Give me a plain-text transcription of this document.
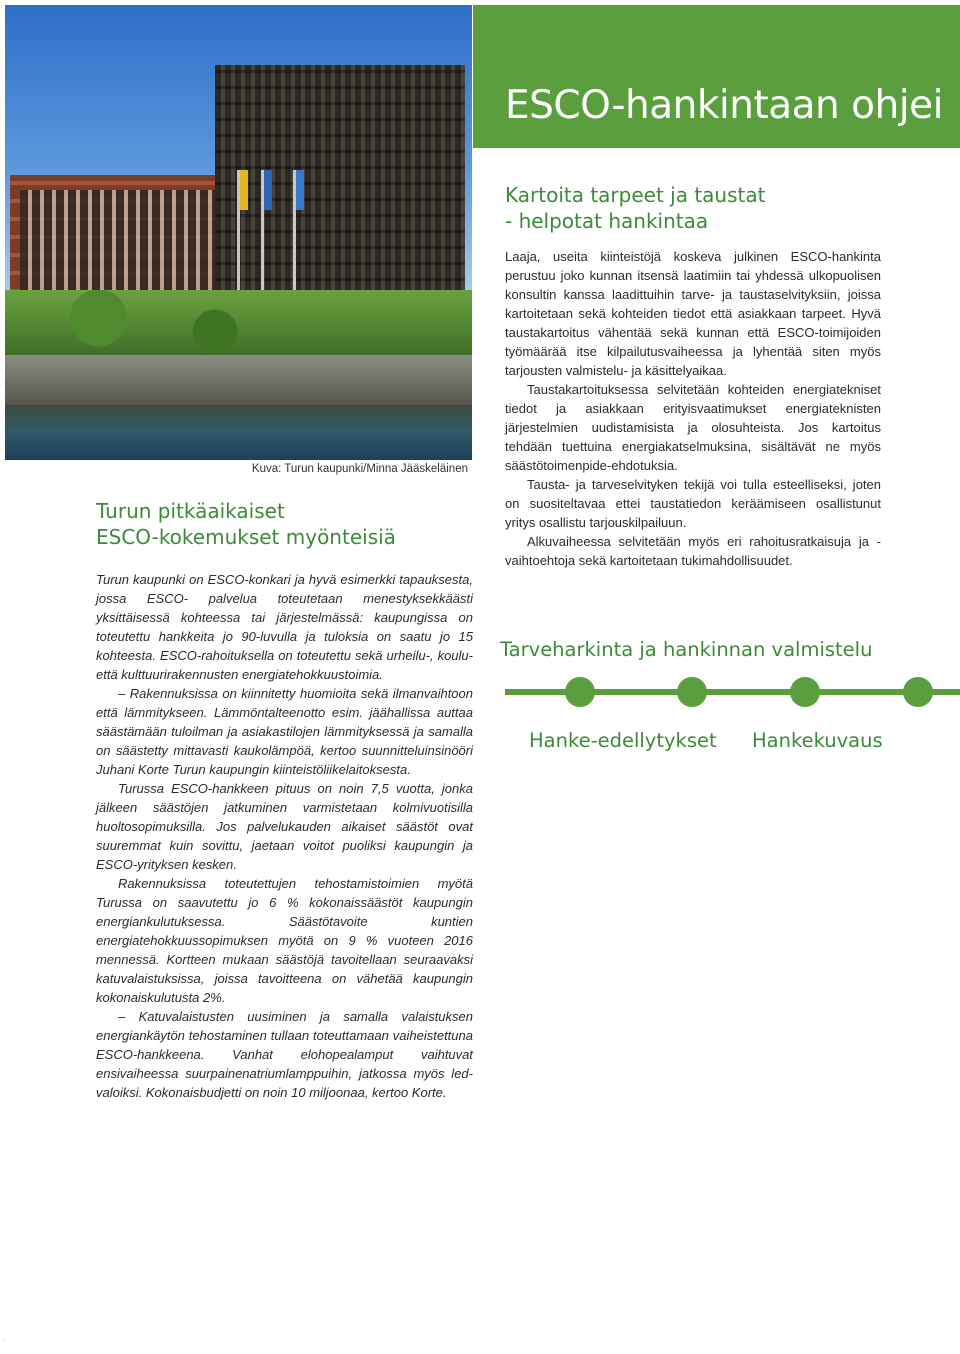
ESCO-hankintaan ohjei
Kuva: Turun kaupunki/Minna Jääskeläinen
Turun pitkäaikaiset
ESCO-kokemukset myönteisiä

Turun kaupunki on ESCO-konkari ja hyvä esimerkki tapauksesta, jossa ESCO- palvelua toteutetaan menestyksekkäästi yksittäisessä kohteessa tai järjestelmässä: kaupungissa on toteutettu hankkeita jo 90-luvulla ja tuloksia on saatu jo 15 kohteesta. ESCO-rahoituksella on toteutettu sekä urheilu-, koulu- että kulttuurirakennusten energiatehokkuustoimia.

– Rakennuksissa on kiinnitetty huomioita sekä ilmanvaihtoon että lämmitykseen. Lämmöntalteenotto esim. jäähallissa auttaa säästämään tuloilman ja asiakastilojen lämmityksessä ja samalla on säästetty mittavasti kaukolämpöä, kertoo suunnitteluinsinööri Juhani Korte Turun kaupungin kiinteistöliikelaitoksesta.

Turussa ESCO-hankkeen pituus on noin 7,5 vuotta, jonka jälkeen säästöjen jatkuminen varmistetaan kolmivuotisilla huoltosopimuksilla. Jos palvelukauden aikaiset säästöt ovat suuremmat kuin sovittu, jaetaan voitot puoliksi kaupungin ja ESCO-yrityksen kesken.

Rakennuksissa toteutettujen tehostamistoimien myötä Turussa on saavutettu jo 6 % kokonaissäästöt kaupungin energiankulutuksessa. Säästötavoite kuntien energiatehokkuussopimuksen myötä on 9 % vuoteen 2016 mennessä. Kortteen mukaan säästöjä tavoitellaan seuraavaksi katuvalaistuksissa, joissa tavoitteena on vähetää kaupungin kokonaiskulutusta 2%.

– Katuvalaistusten uusiminen ja samalla valaistuksen energiankäytön tehostaminen tullaan toteuttamaan vaiheistettuna ESCO-hankkeena. Vanhat elohopealamput vaihtuvat ensivaiheessa suurpainenatriumlamppuihin, jatkossa myös led-valoiksi. Kokonaisbudjetti on noin 10 miljoonaa, kertoo Korte.

Kartoita tarpeet ja taustat
- helpotat hankintaa

Laaja, useita kiinteistöjä koskeva julkinen ESCO-hankinta perustuu joko kunnan itsensä laatimiin tai yhdessä ulkopuolisen konsultin kanssa laadittuihin tarve- ja taustaselvityksiin, joissa kartoitetaan sekä kohteiden tiedot että asiakkaan tarpeet. Hyvä taustakartoitus vähentää sekä kunnan että ESCO-toimijoiden työmäärää itse kilpailutusvaiheessa ja lyhentää siten myös tarjousten valmistelu- ja käsittelyaikaa.

Taustakartoituksessa selvitetään kohteiden energiatekniset tiedot ja asiakkaan erityisvaatimukset energiateknisten järjestelmien uudistamisista ja olosuhteista. Jos kartoitus tehdään tuettuina energiakatselmuksina, sisältävät ne myös säästötoimenpide-ehdotuksia.

Tausta- ja tarveselvityken tekijä voi tulla esteelliseksi, joten on suositeltavaa ettei taustatiedon keräämiseen osallistunut yritys osallistu tarjouskilpailuun.

Alkuvaiheessa selvitetään myös eri rahoitusratkaisuja ja -vaihtoehtoja sekä kartoitetaan tukimahdollisuudet.

Tarveharkinta ja hankinnan valmistelu
Hanke-edellytykset Hankekuvaus
.
